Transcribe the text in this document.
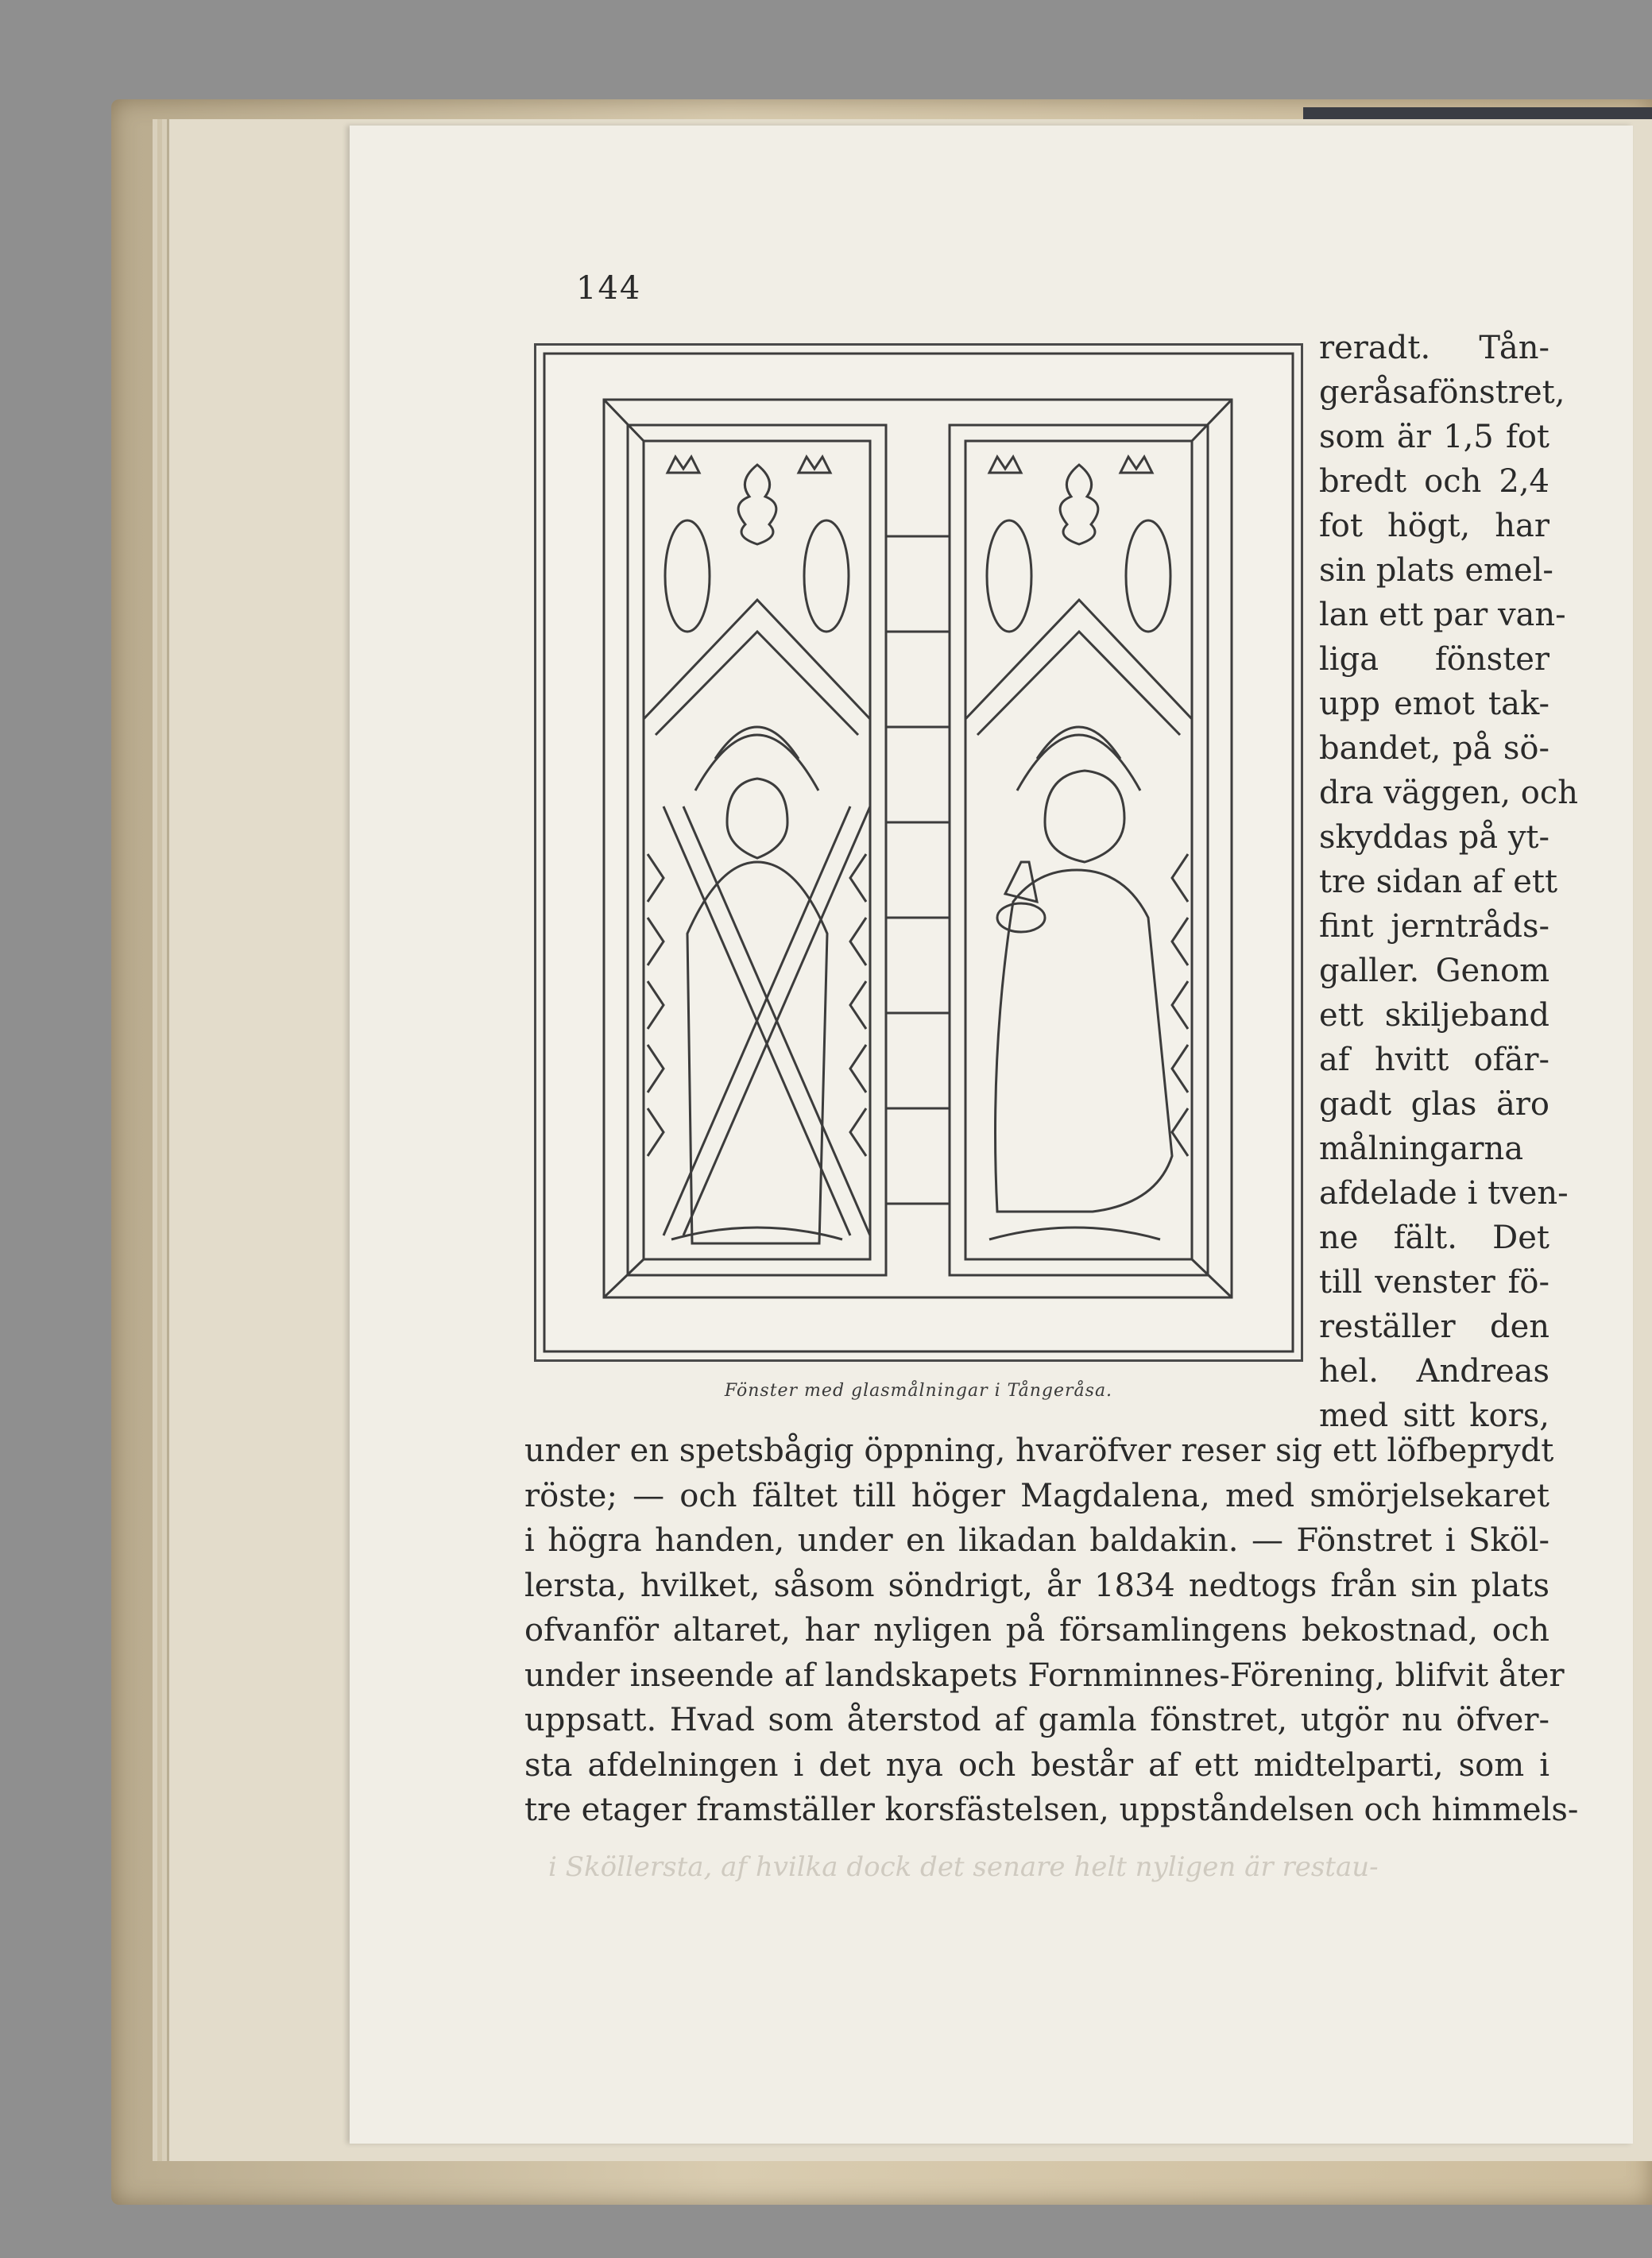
144
Fönster med glasmålningar i Tångeråsa.
reradt. Tån-
geråsafönstret,
som är 1,5 fot
bredt och 2,4
fot högt, har
sin plats emel-
lan ett par van-
liga fönster
upp emot tak-
bandet, på sö-
dra väggen, och
skyddas på yt-
tre sidan af ett
fint jerntråds-
galler. Genom
ett skiljeband
af hvitt ofär-
gadt glas äro
målningarna
afdelade i tven-
ne fält. Det
till venster fö-
reställer den
hel. Andreas
med sitt kors,
under en spetsbågig öppning, hvaröfver reser sig ett löfbeprydt
röste; — och fältet till höger Magdalena, med smörjelsekaret
i högra handen, under en likadan baldakin. — Fönstret i Sköl-
lersta, hvilket, såsom söndrigt, år 1834 nedtogs från sin plats
ofvanför altaret, har nyligen på församlingens bekostnad, och
under inseende af landskapets Fornminnes-Förening, blifvit åter
uppsatt. Hvad som återstod af gamla fönstret, utgör nu öfver-
sta afdelningen i det nya och består af ett midtelparti, som i
tre etager framställer korsfästelsen, uppståndelsen och himmels-
i Sköllersta, af hvilka dock det senare helt nyligen är restau-
